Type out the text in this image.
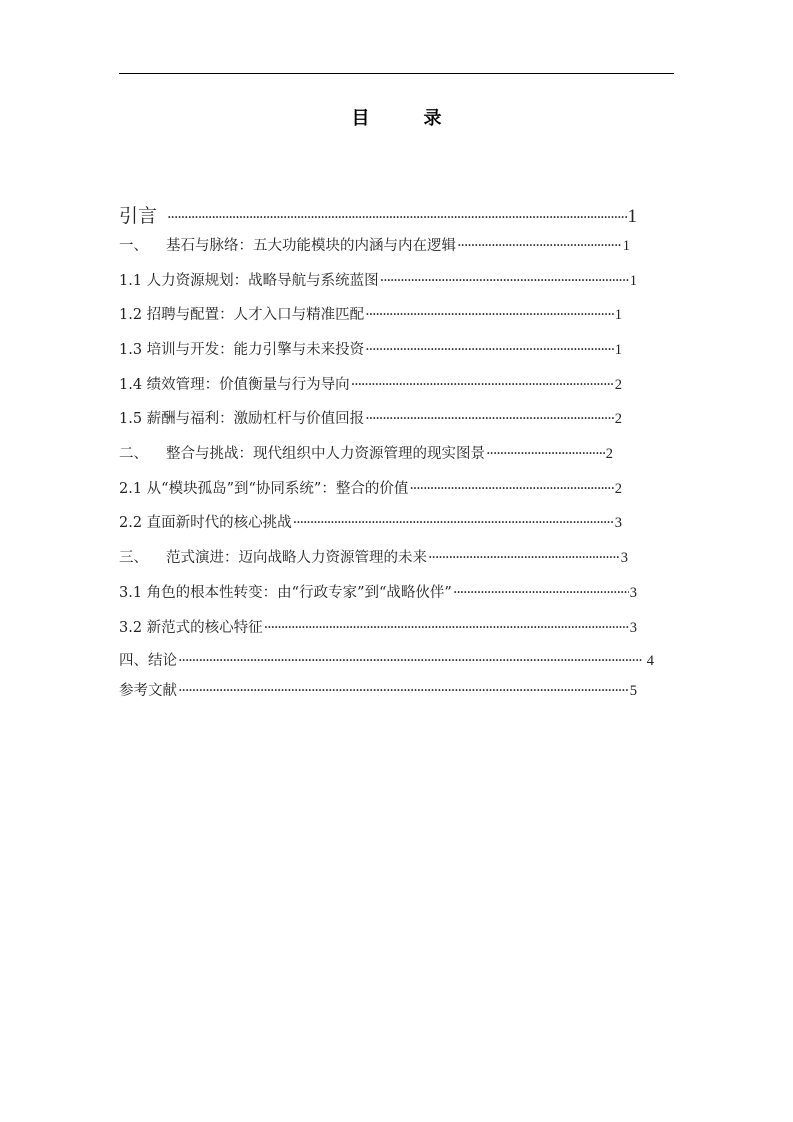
目　录
引言 ·····	1
一、 基石与脉络：五大功能模块的内涵与内在逻辑 ·····	1
1.1 人力资源规划：战略导航与系统蓝图 ·····	1
1.2 招聘与配置：人才入口与精准匹配 ·····	1
1.3 培训与开发：能力引擎与未来投资 ·····	1
1.4 绩效管理：价值衡量与行为导向 ·····	2
1.5 薪酬与福利：激励杠杆与价值回报 ·····	2
二、 整合与挑战：现代组织中人力资源管理的现实图景 ·····	2
2.1 从“模块孤岛”到“协同系统”：整合的价值 ·····	2
2.2 直面新时代的核心挑战 ·····	3
三、 范式演进：迈向战略人力资源管理的未来 ·····	3
3.1 角色的根本性转变：由“行政专家”到“战略伙伴” ·····	3
3.2 新范式的核心特征 ·····	3
四、结论 ·····	4
参考文献 ·····	5
